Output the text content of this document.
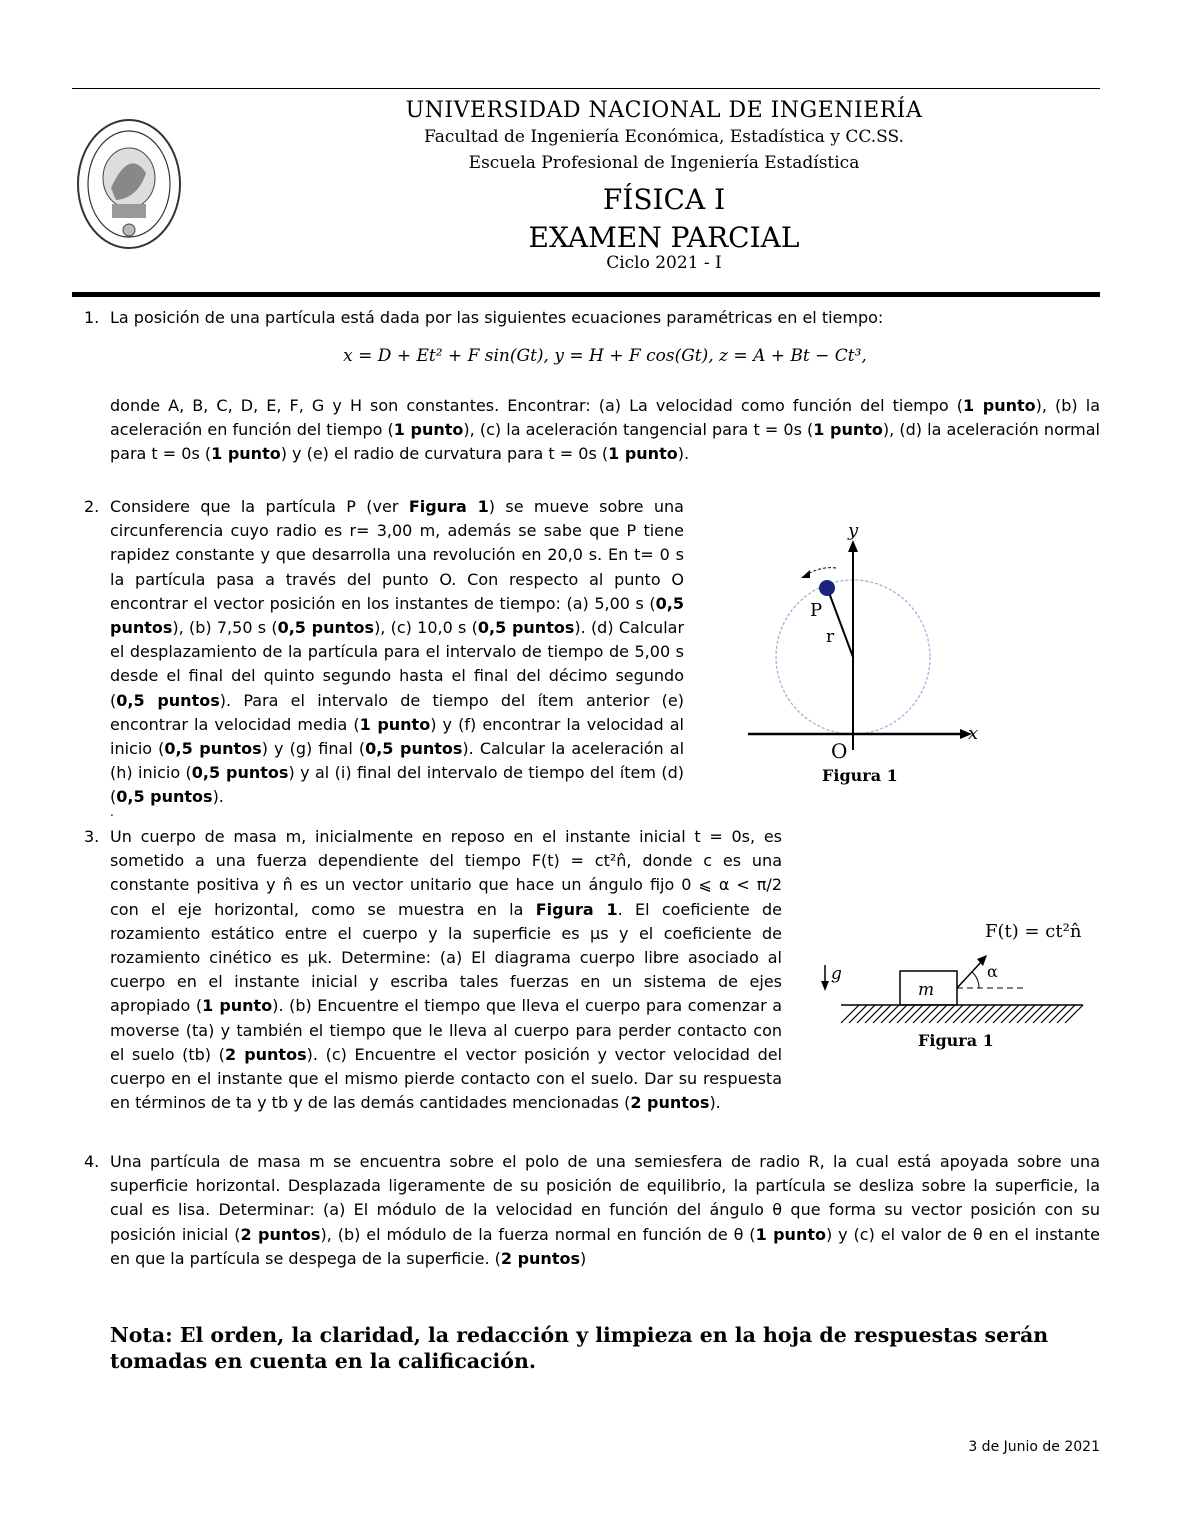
UNIVERSIDAD NACIONAL DE INGENIERÍA
Facultad de Ingeniería Económica, Estadística y CC.SS.
Escuela Profesional de Ingeniería Estadística
FÍSICA I
EXAMEN PARCIAL
Ciclo 2021 - I
1. La posición de una partícula está dada por las siguientes ecuaciones paramétricas en el tiempo:
x = D + Et² + F sin(Gt), y = H + F cos(Gt), z = A + Bt − Ct³,
donde A, B, C, D, E, F, G y H son constantes. Encontrar: (a) La velocidad como función del tiempo (1 punto), (b) la aceleración en función del tiempo (1 punto), (c) la aceleración tangencial para t = 0s (1 punto), (d) la aceleración normal para t = 0s (1 punto) y (e) el radio de curvatura para t = 0s (1 punto).
2. Considere que la partícula P (ver Figura 1) se mueve sobre una circunferencia cuyo radio es r= 3,00 m, además se sabe que P tiene rapidez constante y que desarrolla una revolución en 20,0 s. En t= 0 s la partícula pasa a través del punto O. Con respecto al punto O encontrar el vector posición en los instantes de tiempo: (a) 5,00 s (0,5 puntos), (b) 7,50 s (0,5 puntos), (c) 10,0 s (0,5 puntos). (d) Calcular el desplazamiento de la partícula para el intervalo de tiempo de 5,00 s desde el final del quinto segundo hasta el final del décimo segundo (0,5 puntos). Para el intervalo de tiempo del ítem anterior (e) encontrar la velocidad media (1 punto) y (f) encontrar la velocidad al inicio (0,5 puntos) y (g) final (0,5 puntos). Calcular la aceleración al (h) inicio (0,5 puntos) y al (i) final del intervalo de tiempo del ítem (d) (0,5 puntos).
.
y
x
P
r
O
Figura 1
3. Un cuerpo de masa m, inicialmente en reposo en el instante inicial t = 0s, es sometido a una fuerza dependiente del tiempo F(t) = ct²n̂, donde c es una constante positiva y n̂ es un vector unitario que hace un ángulo fijo 0 ⩽ α < π/2 con el eje horizontal, como se muestra en la Figura 1. El coeficiente de rozamiento estático entre el cuerpo y la superficie es μs y el coeficiente de rozamiento cinético es μk. Determine: (a) El diagrama cuerpo libre asociado al cuerpo en el instante inicial y escriba tales fuerzas en un sistema de ejes apropiado (1 punto). (b) Encuentre el tiempo que lleva el cuerpo para comenzar a moverse (ta) y también el tiempo que le lleva al cuerpo para perder contacto con el suelo (tb) (2 puntos). (c) Encuentre el vector posición y vector velocidad del cuerpo en el instante que el mismo pierde contacto con el suelo. Dar su respuesta en términos de ta y tb y de las demás cantidades mencionadas (2 puntos).
F(t) = ct²n̂
g
m
α
Figura 1
4. Una partícula de masa m se encuentra sobre el polo de una semiesfera de radio R, la cual está apoyada sobre una superficie horizontal. Desplazada ligeramente de su posición de equilibrio, la partícula se desliza sobre la superficie, la cual es lisa. Determinar: (a) El módulo de la velocidad en función del ángulo θ que forma su vector posición con su posición inicial (2 puntos), (b) el módulo de la fuerza normal en función de θ (1 punto) y (c) el valor de θ en el instante en que la partícula se despega de la superficie. (2 puntos)
Nota: El orden, la claridad, la redacción y limpieza en la hoja de respuestas serán tomadas en cuenta en la calificación.
3 de Junio de 2021
